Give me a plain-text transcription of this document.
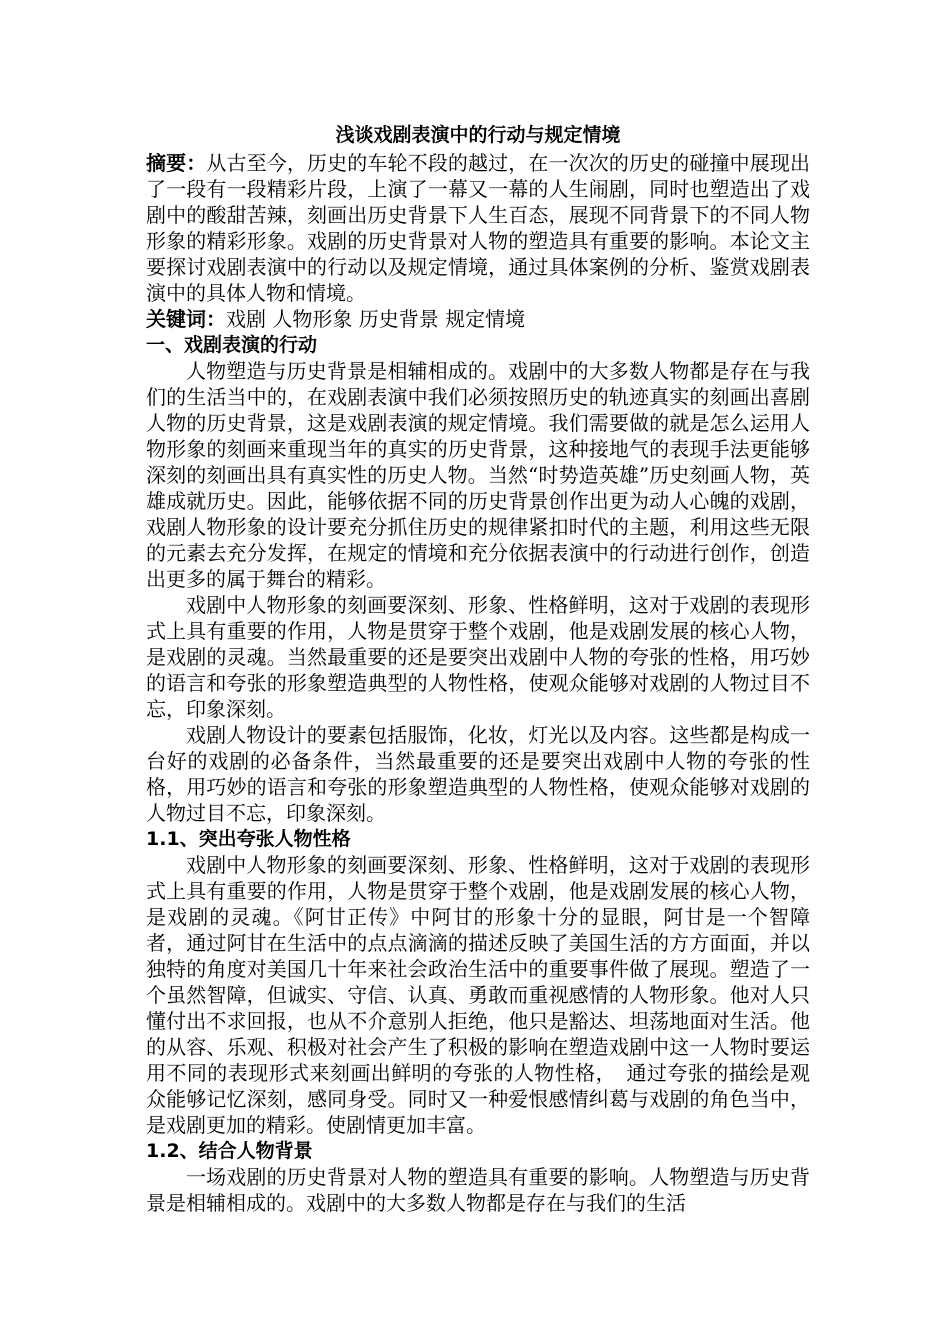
浅谈戏剧表演中的行动与规定情境

摘要：从古至今，历史的车轮不段的越过，在一次次的历史的碰撞中展现出了一段有一段精彩片段，上演了一幕又一幕的人生闹剧，同时也塑造出了戏剧中的酸甜苦辣，刻画出历史背景下人生百态，展现不同背景下的不同人物形象的精彩形象。戏剧的历史背景对人物的塑造具有重要的影响。本论文主要探讨戏剧表演中的行动以及规定情境，通过具体案例的分析、鉴赏戏剧表演中的具体人物和情境。

关键词：戏剧 人物形象 历史背景 规定情境

一、戏剧表演的行动

人物塑造与历史背景是相辅相成的。戏剧中的大多数人物都是存在与我们的生活当中的，在戏剧表演中我们必须按照历史的轨迹真实的刻画出喜剧人物的历史背景，这是戏剧表演的规定情境。我们需要做的就是怎么运用人物形象的刻画来重现当年的真实的历史背景，这种接地气的表现手法更能够深刻的刻画出具有真实性的历史人物。当然“时势造英雄”历史刻画人物，英雄成就历史。因此，能够依据不同的历史背景创作出更为动人心魄的戏剧，戏剧人物形象的设计要充分抓住历史的规律紧扣时代的主题，利用这些无限的元素去充分发挥，在规定的情境和充分依据表演中的行动进行创作，创造出更多的属于舞台的精彩。

戏剧中人物形象的刻画要深刻、形象、性格鲜明，这对于戏剧的表现形式上具有重要的作用，人物是贯穿于整个戏剧，他是戏剧发展的核心人物，是戏剧的灵魂。当然最重要的还是要突出戏剧中人物的夸张的性格，用巧妙的语言和夸张的形象塑造典型的人物性格，使观众能够对戏剧的人物过目不忘，印象深刻。

戏剧人物设计的要素包括服饰，化妆，灯光以及内容。这些都是构成一台好的戏剧的必备条件，当然最重要的还是要突出戏剧中人物的夸张的性格，用巧妙的语言和夸张的形象塑造典型的人物性格，使观众能够对戏剧的人物过目不忘，印象深刻。

1.1、突出夸张人物性格

戏剧中人物形象的刻画要深刻、形象、性格鲜明，这对于戏剧的表现形式上具有重要的作用，人物是贯穿于整个戏剧，他是戏剧发展的核心人物，是戏剧的灵魂。《阿甘正传》中阿甘的形象十分的显眼，阿甘是一个智障者，通过阿甘在生活中的点点滴滴的描述反映了美国生活的方方面面，并以独特的角度对美国几十年来社会政治生活中的重要事件做了展现。塑造了一个虽然智障，但诚实、守信、认真、勇敢而重视感情的人物形象。他对人只懂付出不求回报，也从不介意别人拒绝，他只是豁达、坦荡地面对生活。他的从容、乐观、积极对社会产生了积极的影响在塑造戏剧中这一人物时要运用不同的表现形式来刻画出鲜明的夸张的人物性格，　通过夸张的描绘是观众能够记忆深刻，感同身受。同时又一种爱恨感情纠葛与戏剧的角色当中，是戏剧更加的精彩。使剧情更加丰富。

1.2、结合人物背景

一场戏剧的历史背景对人物的塑造具有重要的影响。人物塑造与历史背景是相辅相成的。戏剧中的大多数人物都是存在与我们的生活
